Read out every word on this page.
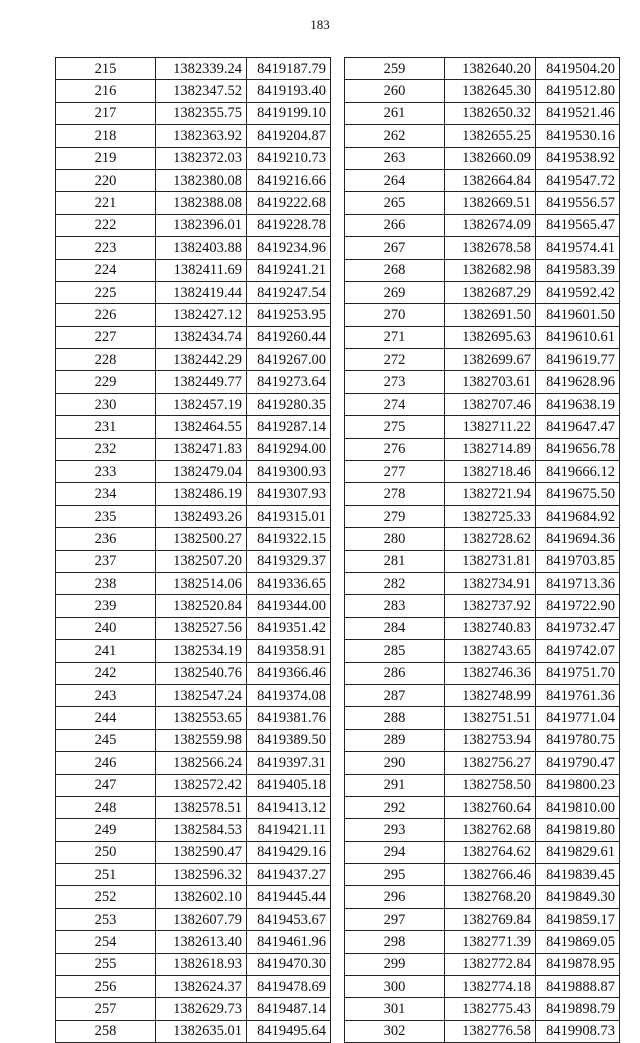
183
215	1382339.24	8419187.79
216	1382347.52	8419193.40
217	1382355.75	8419199.10
218	1382363.92	8419204.87
219	1382372.03	8419210.73
220	1382380.08	8419216.66
221	1382388.08	8419222.68
222	1382396.01	8419228.78
223	1382403.88	8419234.96
224	1382411.69	8419241.21
225	1382419.44	8419247.54
226	1382427.12	8419253.95
227	1382434.74	8419260.44
228	1382442.29	8419267.00
229	1382449.77	8419273.64
230	1382457.19	8419280.35
231	1382464.55	8419287.14
232	1382471.83	8419294.00
233	1382479.04	8419300.93
234	1382486.19	8419307.93
235	1382493.26	8419315.01
236	1382500.27	8419322.15
237	1382507.20	8419329.37
238	1382514.06	8419336.65
239	1382520.84	8419344.00
240	1382527.56	8419351.42
241	1382534.19	8419358.91
242	1382540.76	8419366.46
243	1382547.24	8419374.08
244	1382553.65	8419381.76
245	1382559.98	8419389.50
246	1382566.24	8419397.31
247	1382572.42	8419405.18
248	1382578.51	8419413.12
249	1382584.53	8419421.11
250	1382590.47	8419429.16
251	1382596.32	8419437.27
252	1382602.10	8419445.44
253	1382607.79	8419453.67
254	1382613.40	8419461.96
255	1382618.93	8419470.30
256	1382624.37	8419478.69
257	1382629.73	8419487.14
258	1382635.01	8419495.64
259	1382640.20	8419504.20
260	1382645.30	8419512.80
261	1382650.32	8419521.46
262	1382655.25	8419530.16
263	1382660.09	8419538.92
264	1382664.84	8419547.72
265	1382669.51	8419556.57
266	1382674.09	8419565.47
267	1382678.58	8419574.41
268	1382682.98	8419583.39
269	1382687.29	8419592.42
270	1382691.50	8419601.50
271	1382695.63	8419610.61
272	1382699.67	8419619.77
273	1382703.61	8419628.96
274	1382707.46	8419638.19
275	1382711.22	8419647.47
276	1382714.89	8419656.78
277	1382718.46	8419666.12
278	1382721.94	8419675.50
279	1382725.33	8419684.92
280	1382728.62	8419694.36
281	1382731.81	8419703.85
282	1382734.91	8419713.36
283	1382737.92	8419722.90
284	1382740.83	8419732.47
285	1382743.65	8419742.07
286	1382746.36	8419751.70
287	1382748.99	8419761.36
288	1382751.51	8419771.04
289	1382753.94	8419780.75
290	1382756.27	8419790.47
291	1382758.50	8419800.23
292	1382760.64	8419810.00
293	1382762.68	8419819.80
294	1382764.62	8419829.61
295	1382766.46	8419839.45
296	1382768.20	8419849.30
297	1382769.84	8419859.17
298	1382771.39	8419869.05
299	1382772.84	8419878.95
300	1382774.18	8419888.87
301	1382775.43	8419898.79
302	1382776.58	8419908.73
